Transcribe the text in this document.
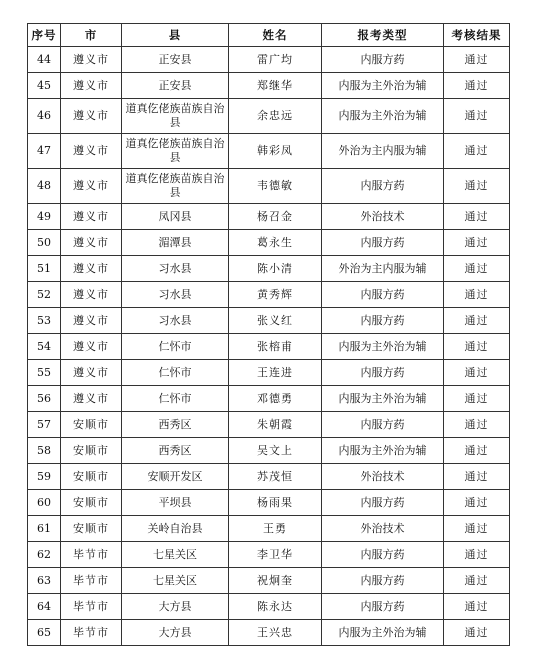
序号	市	县	姓名	报考类型	考核结果
44	遵义市	正安县	雷广均	内服方药	通过
45	遵义市	正安县	郑继华	内服为主外治为辅	通过
46	遵义市	道真仡佬族苗族自治县	余忠远	内服为主外治为辅	通过
47	遵义市	道真仡佬族苗族自治县	韩彩凤	外治为主内服为辅	通过
48	遵义市	道真仡佬族苗族自治县	韦德敏	内服方药	通过
49	遵义市	凤冈县	杨召金	外治技术	通过
50	遵义市	湄潭县	葛永生	内服方药	通过
51	遵义市	习水县	陈小清	外治为主内服为辅	通过
52	遵义市	习水县	黄秀辉	内服方药	通过
53	遵义市	习水县	张义红	内服方药	通过
54	遵义市	仁怀市	张榕甫	内服为主外治为辅	通过
55	遵义市	仁怀市	王连进	内服方药	通过
56	遵义市	仁怀市	邓德勇	内服为主外治为辅	通过
57	安顺市	西秀区	朱朝霞	内服方药	通过
58	安顺市	西秀区	吴文上	内服为主外治为辅	通过
59	安顺市	安顺开发区	苏茂恒	外治技术	通过
60	安顺市	平坝县	杨雨果	内服方药	通过
61	安顺市	关岭自治县	王勇	外治技术	通过
62	毕节市	七星关区	李卫华	内服方药	通过
63	毕节市	七星关区	祝炯奎	内服方药	通过
64	毕节市	大方县	陈永达	内服方药	通过
65	毕节市	大方县	王兴忠	内服为主外治为辅	通过
